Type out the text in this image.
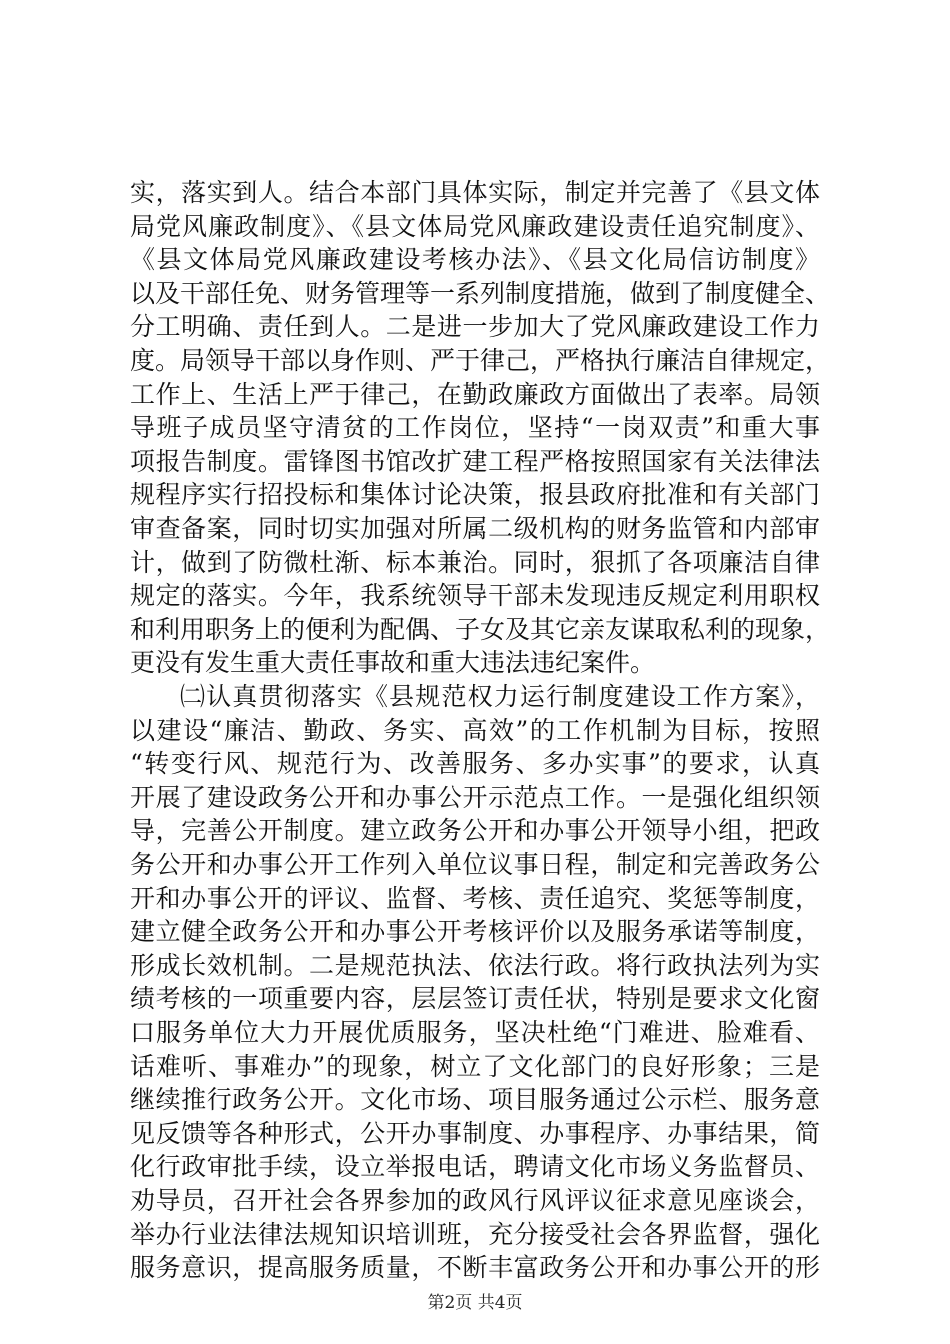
实，落实到人。结合本部门具体实际，制定并完善了《县文体
局党风廉政制度》、《县文体局党风廉政建设责任追究制度》、
《县文体局党风廉政建设考核办法》、《县文化局信访制度》
以及干部任免、财务管理等一系列制度措施，做到了制度健全、
分工明确、责任到人。二是进一步加大了党风廉政建设工作力
度。局领导干部以身作则、严于律己，严格执行廉洁自律规定，
工作上、生活上严于律己，在勤政廉政方面做出了表率。局领
导班子成员坚守清贫的工作岗位，坚持“一岗双责”和重大事
项报告制度。雷锋图书馆改扩建工程严格按照国家有关法律法
规程序实行招投标和集体讨论决策，报县政府批准和有关部门
审查备案，同时切实加强对所属二级机构的财务监管和内部审
计，做到了防微杜渐、标本兼治。同时，狠抓了各项廉洁自律
规定的落实。今年，我系统领导干部未发现违反规定利用职权
和利用职务上的便利为配偶、子女及其它亲友谋取私利的现象，
更没有发生重大责任事故和重大违法违纪案件。
㈡认真贯彻落实《县规范权力运行制度建设工作方案》，
以建设“廉洁、勤政、务实、高效”的工作机制为目标，按照
“转变行风、规范行为、改善服务、多办实事”的要求，认真
开展了建设政务公开和办事公开示范点工作。一是强化组织领
导，完善公开制度。建立政务公开和办事公开领导小组，把政
务公开和办事公开工作列入单位议事日程，制定和完善政务公
开和办事公开的评议、监督、考核、责任追究、奖惩等制度，
建立健全政务公开和办事公开考核评价以及服务承诺等制度，
形成长效机制。二是规范执法、依法行政。将行政执法列为实
绩考核的一项重要内容，层层签订责任状，特别是要求文化窗
口服务单位大力开展优质服务，坚决杜绝“门难进、脸难看、
话难听、事难办”的现象，树立了文化部门的良好形象；三是
继续推行政务公开。文化市场、项目服务通过公示栏、服务意
见反馈等各种形式，公开办事制度、办事程序、办事结果，简
化行政审批手续，设立举报电话，聘请文化市场义务监督员、
劝导员，召开社会各界参加的政风行风评议征求意见座谈会，
举办行业法律法规知识培训班，充分接受社会各界监督，强化
服务意识，提高服务质量，不断丰富政务公开和办事公开的形
第2页 共4页
